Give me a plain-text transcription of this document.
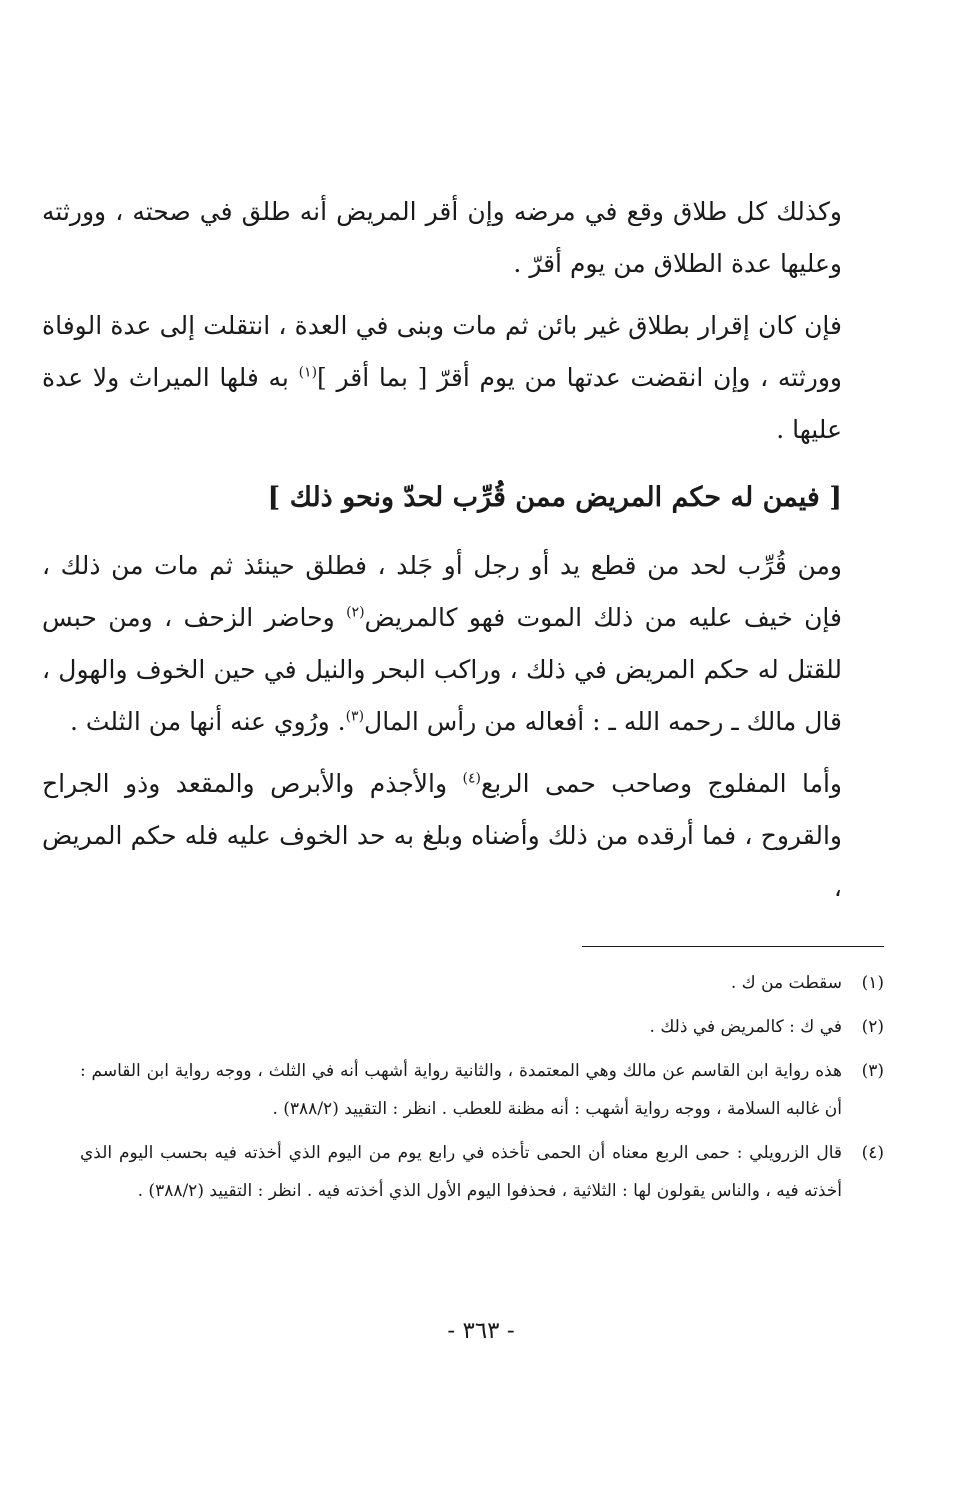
وكذلك كل طلاق وقع في مرضه وإن أقر المريض أنه طلق في صحته ، وورثته وعليها عدة الطلاق من يوم أقرّ .

فإن كان إقرار بطلاق غير بائن ثم مات وبنى في العدة ، انتقلت إلى عدة الوفاة وورثته ، وإن انقضت عدتها من يوم أقرّ [ بما أقر ]$^{(١)}$ به فلها الميراث ولا عدة عليها .

[ فيمن له حكم المريض ممن قُرِّب لحدّ ونحو ذلك ]

ومن قُرِّب لحد من قطع يد أو رجل أو جَلد ، فطلق حينئذ ثم مات من ذلك ، فإن خيف عليه من ذلك الموت فهو كالمريض$^{(٢)}$ وحاضر الزحف ، ومن حبس للقتل له حكم المريض في ذلك ، وراكب البحر والنيل في حين الخوف والهول ، قال مالك ـ رحمه الله ـ : أفعاله من رأس المال$^{(٣)}$. ورُوي عنه أنها من الثلث .

وأما المفلوج وصاحب حمى الربع$^{(٤)}$ والأجذم والأبرص والمقعد وذو الجراح والقروح ، فما أرقده من ذلك وأضناه وبلغ به حد الخوف عليه فله حكم المريض ،

(١)
سقطت من ك .
(٢)
في ك : كالمريض في ذلك .
(٣)
هذه رواية ابن القاسم عن مالك وهي المعتمدة ، والثانية رواية أشهب أنه في الثلث ، ووجه رواية ابن القاسم : أن غالبه السلامة ، ووجه رواية أشهب : أنه مظنة للعطب . انظر : التقييد (٣٨٨/٢) .
(٤)
قال الزرويلي : حمى الربع معناه أن الحمى تأخذه في رابع يوم من اليوم الذي أخذته فيه بحسب اليوم الذي أخذته فيه ، والناس يقولون لها : الثلاثية ، فحذفوا اليوم الأول الذي أخذته فيه . انظر : التقييد (٣٨٨/٢) .
- ٣٦٣ -
